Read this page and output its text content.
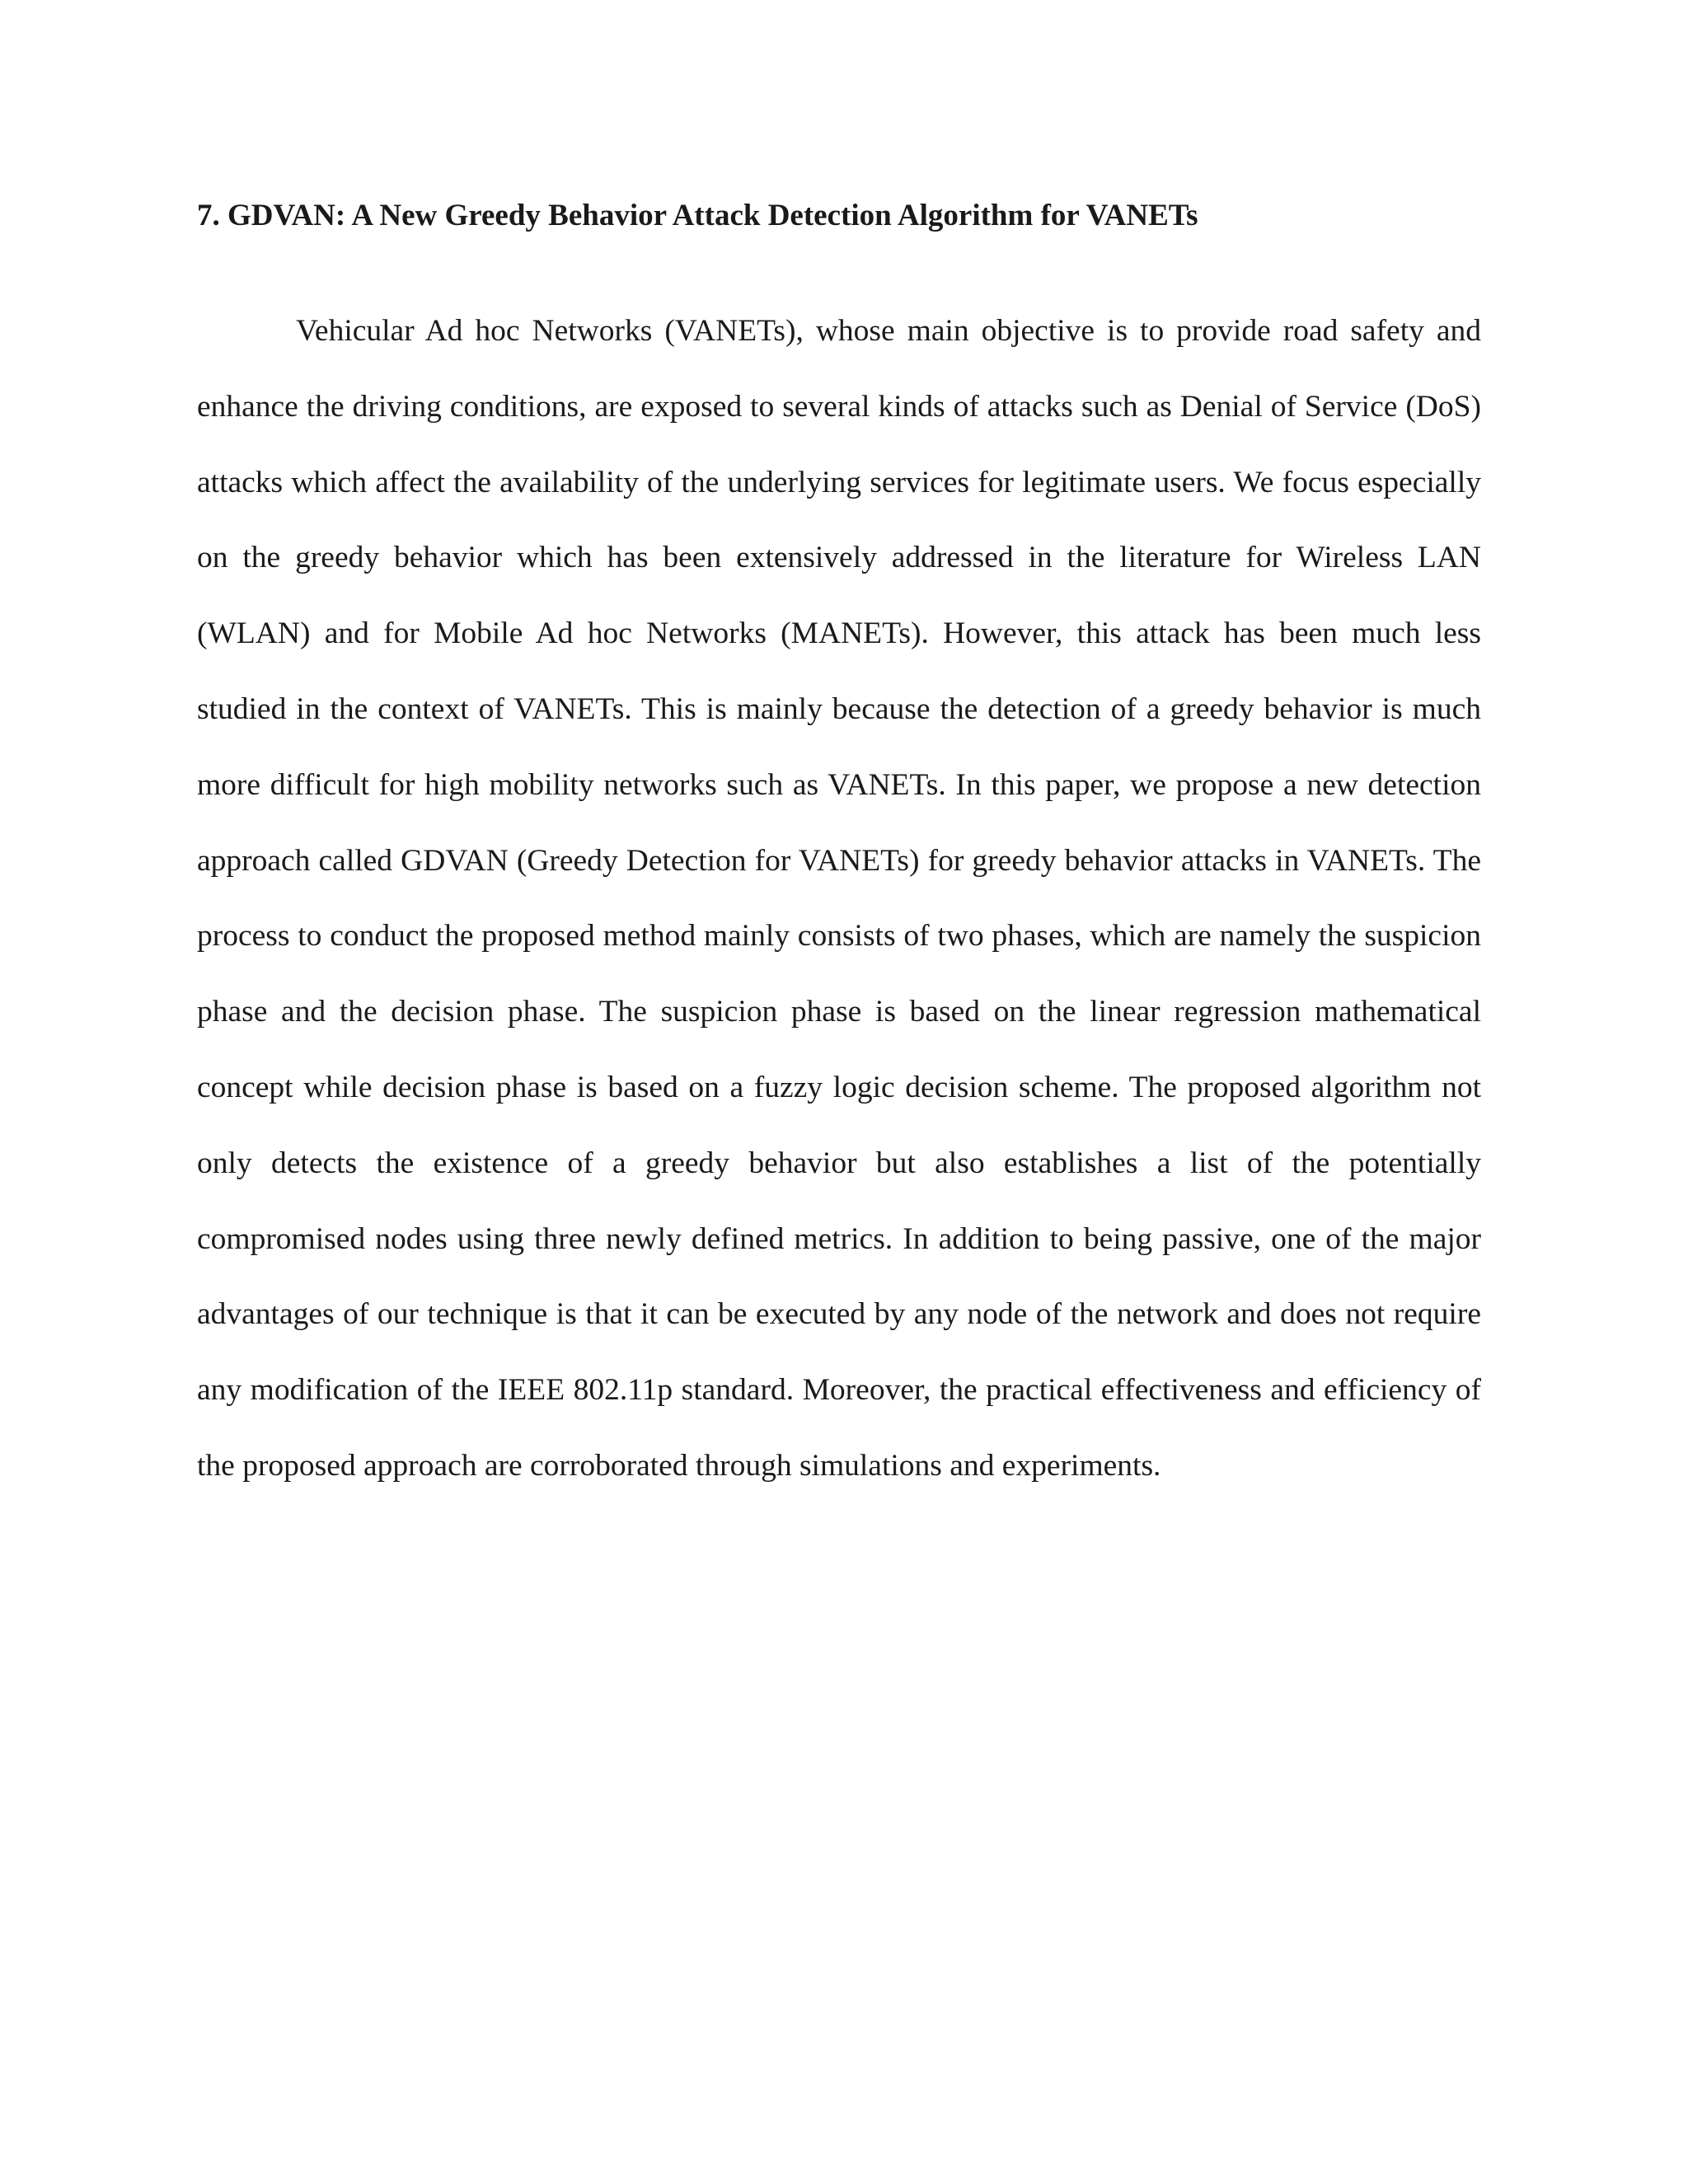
7. GDVAN: A New Greedy Behavior Attack Detection Algorithm for VANETs

Vehicular Ad hoc Networks (VANETs), whose main objective is to provide road safety and enhance the driving conditions, are exposed to several kinds of attacks such as Denial of Service (DoS) attacks which affect the availability of the underlying services for legitimate users. We focus especially on the greedy behavior which has been extensively addressed in the literature for Wireless LAN (WLAN) and for Mobile Ad hoc Networks (MANETs). However, this attack has been much less studied in the context of VANETs. This is mainly because the detection of a greedy behavior is much more difficult for high mobility networks such as VANETs. In this paper, we propose a new detection approach called GDVAN (Greedy Detection for VANETs) for greedy behavior attacks in VANETs. The process to conduct the proposed method mainly consists of two phases, which are namely the suspicion phase and the decision phase. The suspicion phase is based on the linear regression mathematical concept while decision phase is based on a fuzzy logic decision scheme. The proposed algorithm not only detects the existence of a greedy behavior but also establishes a list of the potentially compromised nodes using three newly defined metrics. In addition to being passive, one of the major advantages of our technique is that it can be executed by any node of the network and does not require any modification of the IEEE 802.11p standard. Moreover, the practical effectiveness and efficiency of the proposed approach are corroborated through simulations and experiments.
